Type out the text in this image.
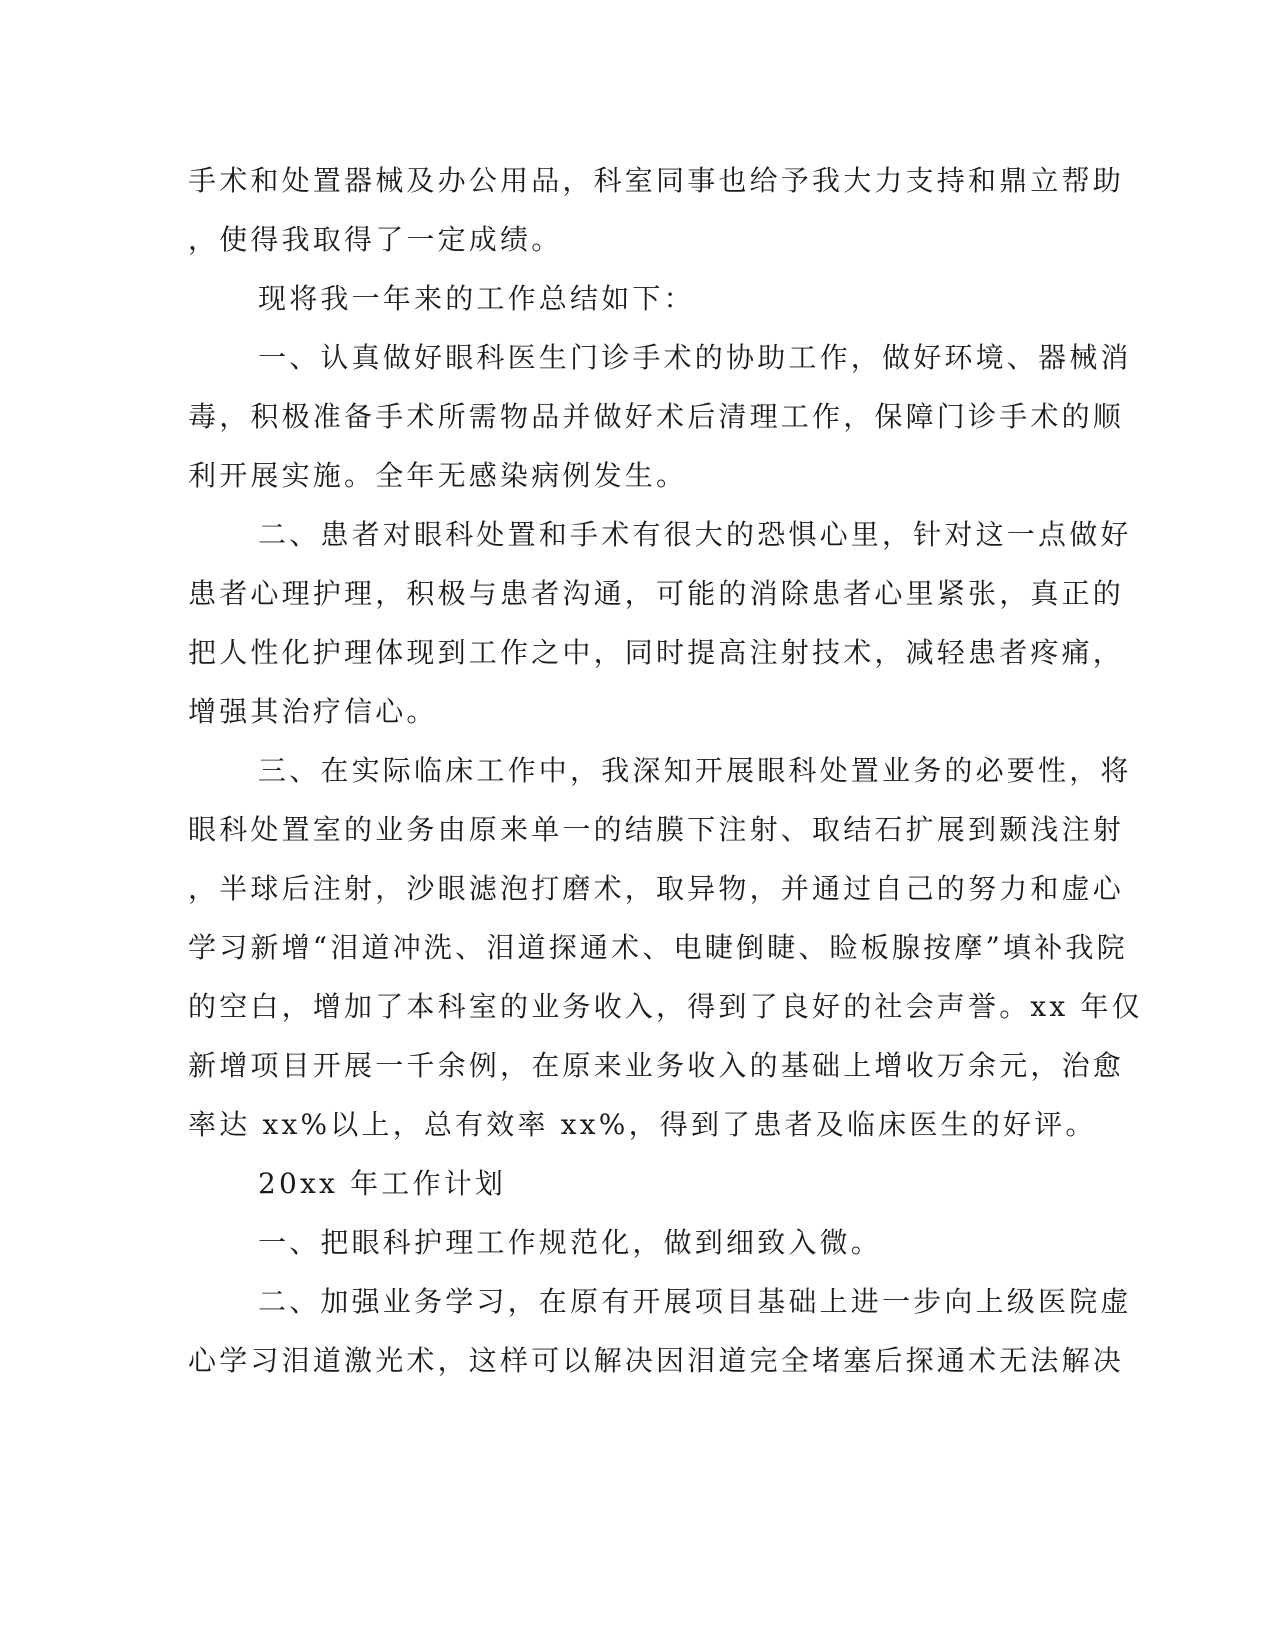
手术和处置器械及办公用品，科室同事也给予我大力支持和鼎立帮助
，使得我取得了一定成绩。
现将我一年来的工作总结如下：
一、认真做好眼科医生门诊手术的协助工作，做好环境、器械消
毒，积极准备手术所需物品并做好术后清理工作，保障门诊手术的顺
利开展实施。全年无感染病例发生。
二、患者对眼科处置和手术有很大的恐惧心里，针对这一点做好
患者心理护理，积极与患者沟通，可能的消除患者心里紧张，真正的
把人性化护理体现到工作之中，同时提高注射技术，减轻患者疼痛，
增强其治疗信心。
三、在实际临床工作中，我深知开展眼科处置业务的必要性，将
眼科处置室的业务由原来单一的结膜下注射、取结石扩展到颞浅注射
，半球后注射，沙眼滤泡打磨术，取异物，并通过自己的努力和虚心
学习新增“泪道冲洗、泪道探通术、电睫倒睫、睑板腺按摩”填补我院
的空白，增加了本科室的业务收入，得到了良好的社会声誉。xx 年仅
新增项目开展一千余例，在原来业务收入的基础上增收万余元，治愈
率达 xx%以上，总有效率 xx%，得到了患者及临床医生的好评。
20xx 年工作计划
一、把眼科护理工作规范化，做到细致入微。
二、加强业务学习，在原有开展项目基础上进一步向上级医院虚
心学习泪道激光术，这样可以解决因泪道完全堵塞后探通术无法解决
